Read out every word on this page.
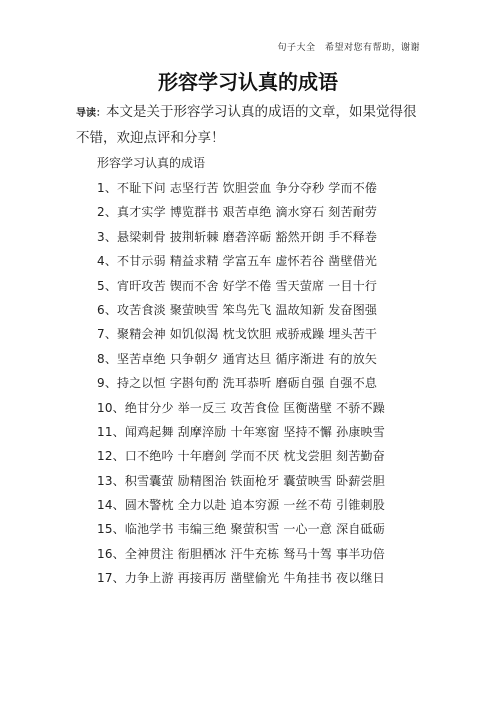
句子大全　希望对您有帮助，谢谢
形容学习认真的成语
导读：本文是关于形容学习认真的成语的文章，如果觉得很不错，欢迎点评和分享！
形容学习认真的成语
1、不耻下问 志坚行苦 饮胆尝血 争分夺秒 学而不倦
2、真才实学 博览群书 艰苦卓绝 滴水穿石 刻苦耐劳
3、悬梁刺骨 披荆斩棘 磨砻淬砺 豁然开朗 手不释卷
4、不甘示弱 精益求精 学富五车 虚怀若谷 凿壁借光
5、宵旰攻苦 锲而不舍 好学不倦 雪天萤席 一目十行
6、攻苦食淡 聚萤映雪 笨鸟先飞 温故知新 发奋图强
7、聚精会神 如饥似渴 枕戈饮胆 戒骄戒躁 埋头苦干
8、坚苦卓绝 只争朝夕 通宵达旦 循序渐进 有的放矢
9、持之以恒 字斟句酌 洗耳恭听 磨砺自强 自强不息
10、绝甘分少 举一反三 攻苦食俭 匡衡凿壁 不骄不躁
11、闻鸡起舞 刮摩淬励 十年寒窗 坚持不懈 孙康映雪
12、口不绝吟 十年磨剑 学而不厌 枕戈尝胆 刻苦勤奋
13、积雪囊萤 励精图治 铁面枪牙 囊萤映雪 卧薪尝胆
14、圆木警枕 全力以赴 追本穷源 一丝不苟 引锥刺股
15、临池学书 韦编三绝 聚萤积雪 一心一意 深自砥砺
16、全神贯注 衔胆栖冰 汗牛充栋 驽马十驾 事半功倍
17、力争上游 再接再厉 凿壁偷光 牛角挂书 夜以继日
